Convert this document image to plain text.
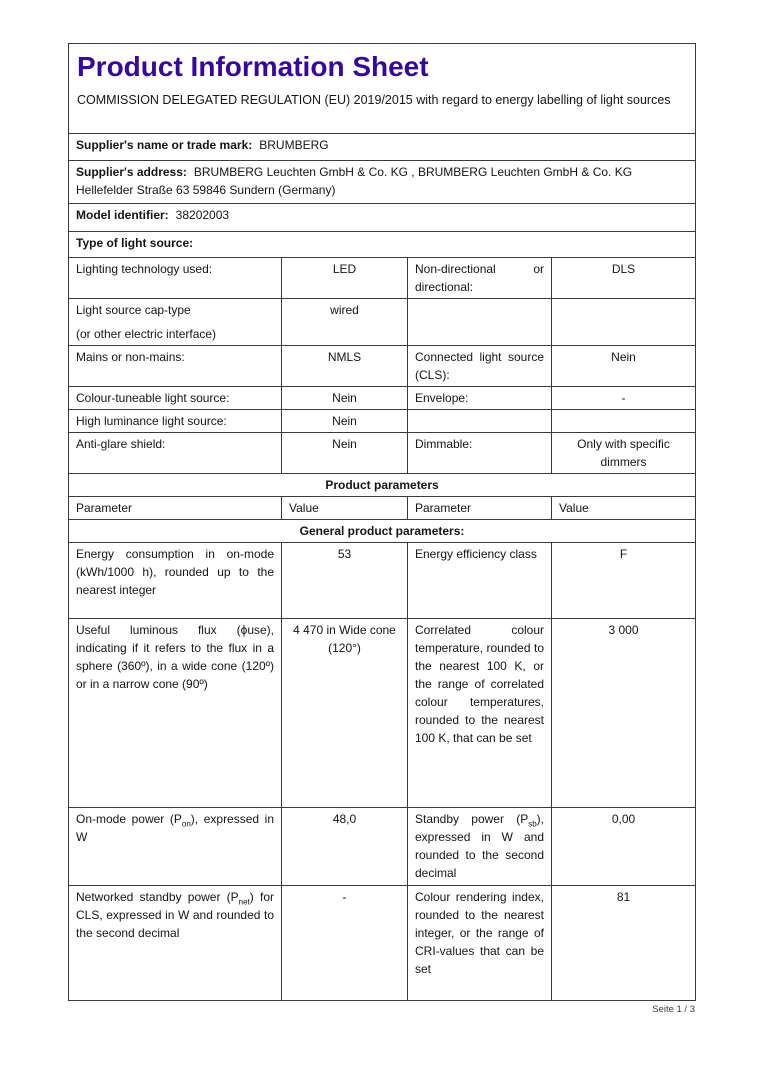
Product Information Sheet
COMMISSION DELEGATED REGULATION (EU) 2019/2015 with regard to energy labelling of light sources			

Supplier's name or trade mark: BRUMBERG			
Supplier's address: BRUMBERG Leuchten GmbH & Co. KG , BRUMBERG Leuchten GmbH & Co. KG Hellefelder Straße 63 59846 Sundern (Germany)			
Model identifier: 38202003			
Type of light source:			
Lighting technology used:	LED	Non-directional or directional:	DLS

Light source cap-type
(or other electric interface)	wired		
Mains or non-mains:	NMLS	Connected light source (CLS):	Nein
Colour-tuneable light source:	Nein	Envelope:	-
High luminance light source:	Nein		
Anti-glare shield:	Nein	Dimmable:	Only with specific dimmers
Product parameters			
Parameter	Value	Parameter	Value
General product parameters:			
Energy consumption in on-mode (kWh/1000 h), rounded up to the nearest integer	53	Energy efficiency class	F
Useful luminous flux (ϕuse), indicating if it refers to the flux in a sphere (360º), in a wide cone (120º) or in a narrow cone (90º)	4 470 in Wide cone (120°)	Correlated colour temperature, rounded to the nearest 100 K, or the range of correlated colour temperatures, rounded to the nearest 100 K, that can be set	3 000
On-mode power $(P_{on})$, expressed in W	48,0	Standby power $(P_{sb})$, expressed in W and rounded to the second decimal	0,00
Networked standby power $(P_{net})$ for CLS, expressed in W and rounded to the second decimal	-	Colour rendering index, rounded to the nearest integer, or the range of CRI-values that can be set	81
Seite 1 / 3
